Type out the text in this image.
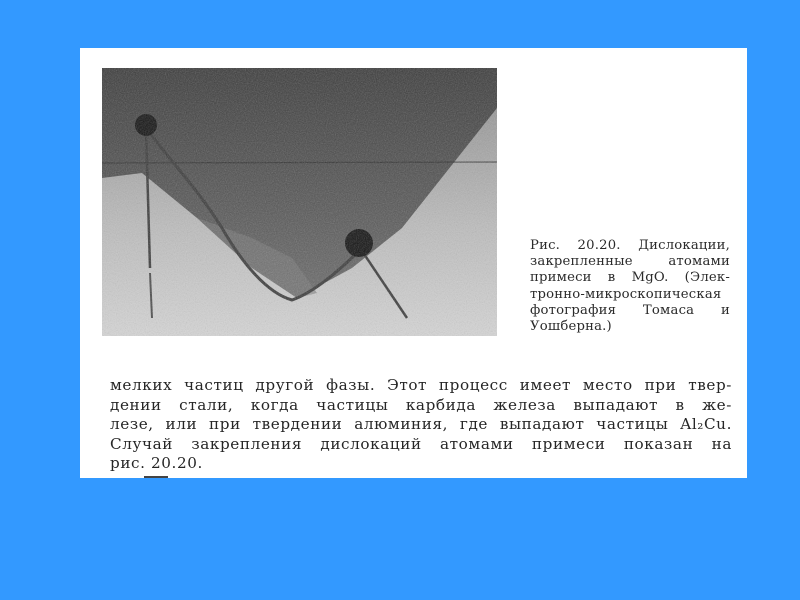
Рис. 20.20. Дислокации,
закрепленные атомами
примеси в MgO. (Элек-
тронно-микроскопическая
фотография Томаса и
Уошберна.)
мелких частиц другой фазы. Этот процесс имеет место при твер-
дении стали, когда частицы карбида железа выпадают в же-
лезе, или при твердении алюминия, где выпадают частицы Al₂Cu.
Случай закрепления дислокаций атомами примеси показан на
рис. 20.20.
